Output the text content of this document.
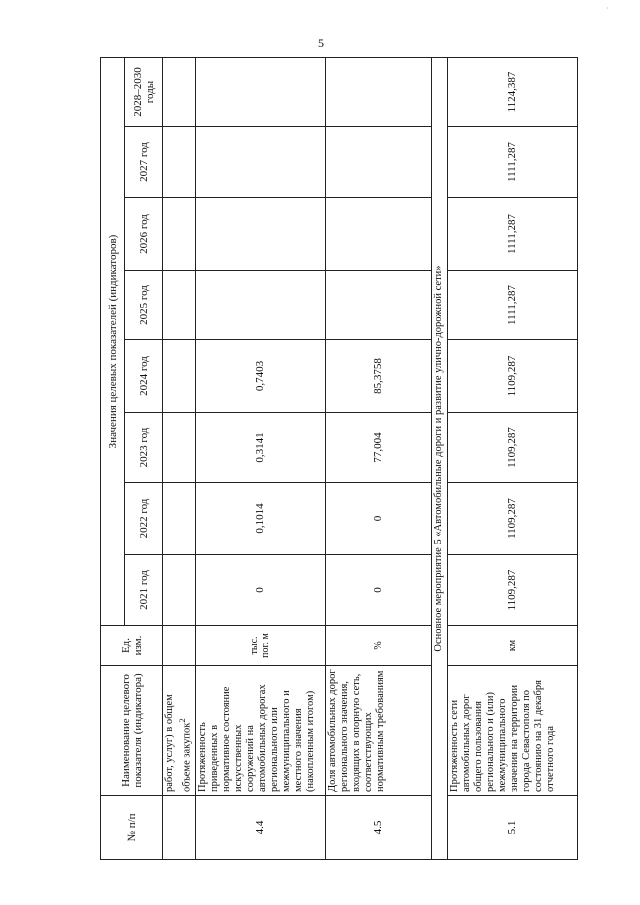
5
·
№ п/п	Наименование целевого показателя (индикатора)	Ед. изм.	Значения целевых показателей (индикаторов)							
			2021 год	2022 год	2023 год	2024 год	2025 год	2026 год	2027 год	2028–2030 годы
	работ, услуг) в общем объеме закупок$^2$									
4.4	Протяженность приведенных в нормативное состояние искусственных сооружений на автомобильных дорогах регионального или межмуниципального и местного значения (накопленным итогом)	тыс. пог. м	0	0,1014	0,3141	0,7403				
4.5	Доля автомобильных дорог регионального значения, входящих в опорную сеть, соответствующих нормативным требованиям	%	0	0	77,004	85,3758				
Основное мероприятие 5 «Автомобильные дороги и развитие улично-дорожной сети»										
5.1	Протяженность сети автомобильных дорог общего пользования регионального и (или) межмуниципального значения на территории города Севастополя по состоянию на 31 декабря отчетного года	км	1109,287	1109,287	1109,287	1109,287	1111,287	1111,287	1111,287	1124,387
